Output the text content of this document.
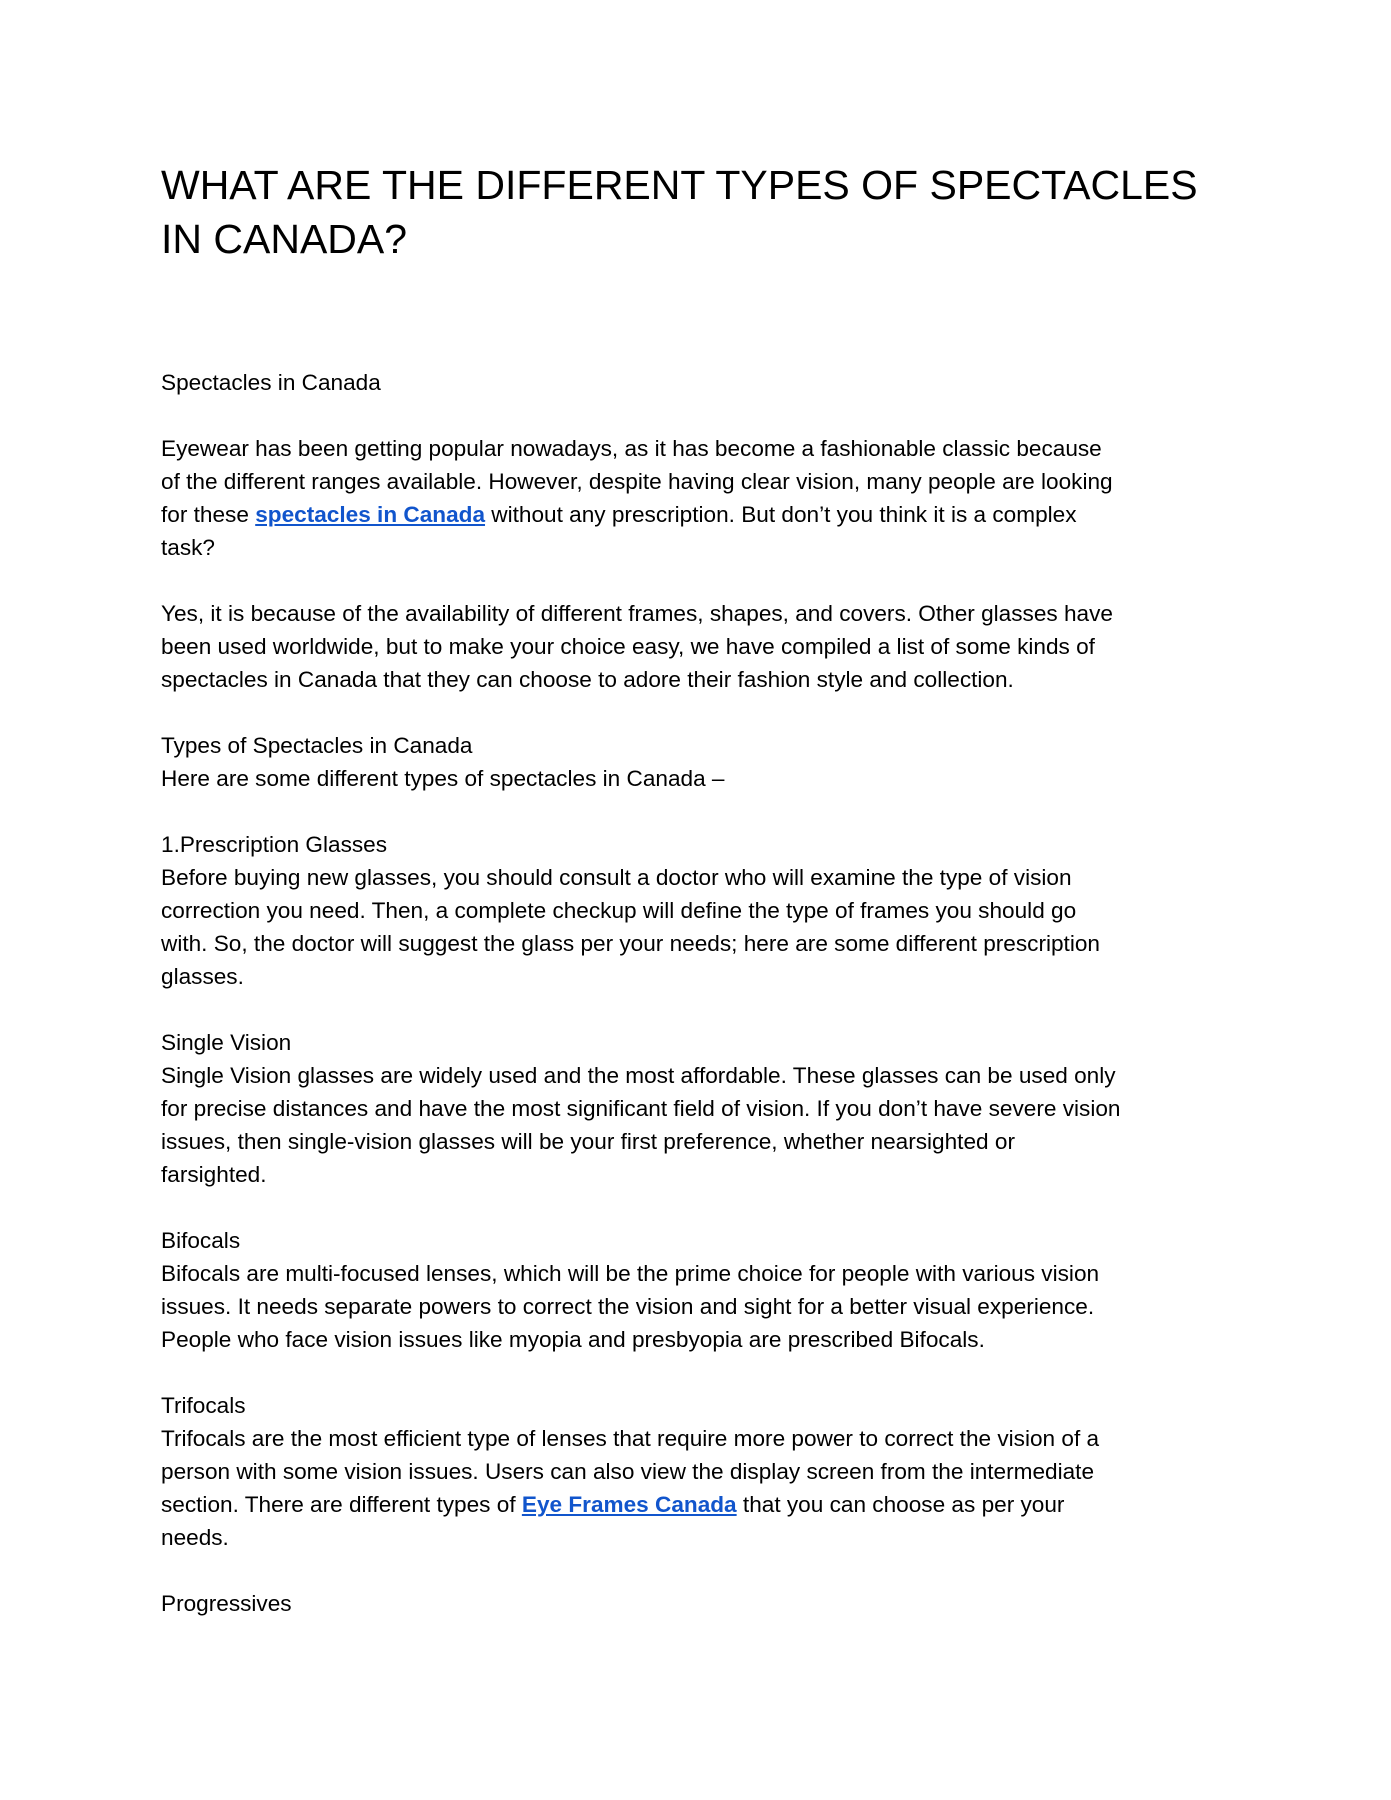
WHAT ARE THE DIFFERENT TYPES OF SPECTACLES
IN CANADA?
Spectacles in Canada
Eyewear has been getting popular nowadays, as it has become a fashionable classic because
of the different ranges available. However, despite having clear vision, many people are looking
for these spectacles in Canada without any prescription. But don’t you think it is a complex
task?
Yes, it is because of the availability of different frames, shapes, and covers. Other glasses have
been used worldwide, but to make your choice easy, we have compiled a list of some kinds of
spectacles in Canada that they can choose to adore their fashion style and collection.
Types of Spectacles in Canada
Here are some different types of spectacles in Canada –
1.Prescription Glasses
Before buying new glasses, you should consult a doctor who will examine the type of vision
correction you need. Then, a complete checkup will define the type of frames you should go
with. So, the doctor will suggest the glass per your needs; here are some different prescription
glasses.
Single Vision
Single Vision glasses are widely used and the most affordable. These glasses can be used only
for precise distances and have the most significant field of vision. If you don’t have severe vision
issues, then single-vision glasses will be your first preference, whether nearsighted or
farsighted.
Bifocals
Bifocals are multi-focused lenses, which will be the prime choice for people with various vision
issues. It needs separate powers to correct the vision and sight for a better visual experience.
People who face vision issues like myopia and presbyopia are prescribed Bifocals.
Trifocals
Trifocals are the most efficient type of lenses that require more power to correct the vision of a
person with some vision issues. Users can also view the display screen from the intermediate
section. There are different types of Eye Frames Canada that you can choose as per your
needs.
Progressives
